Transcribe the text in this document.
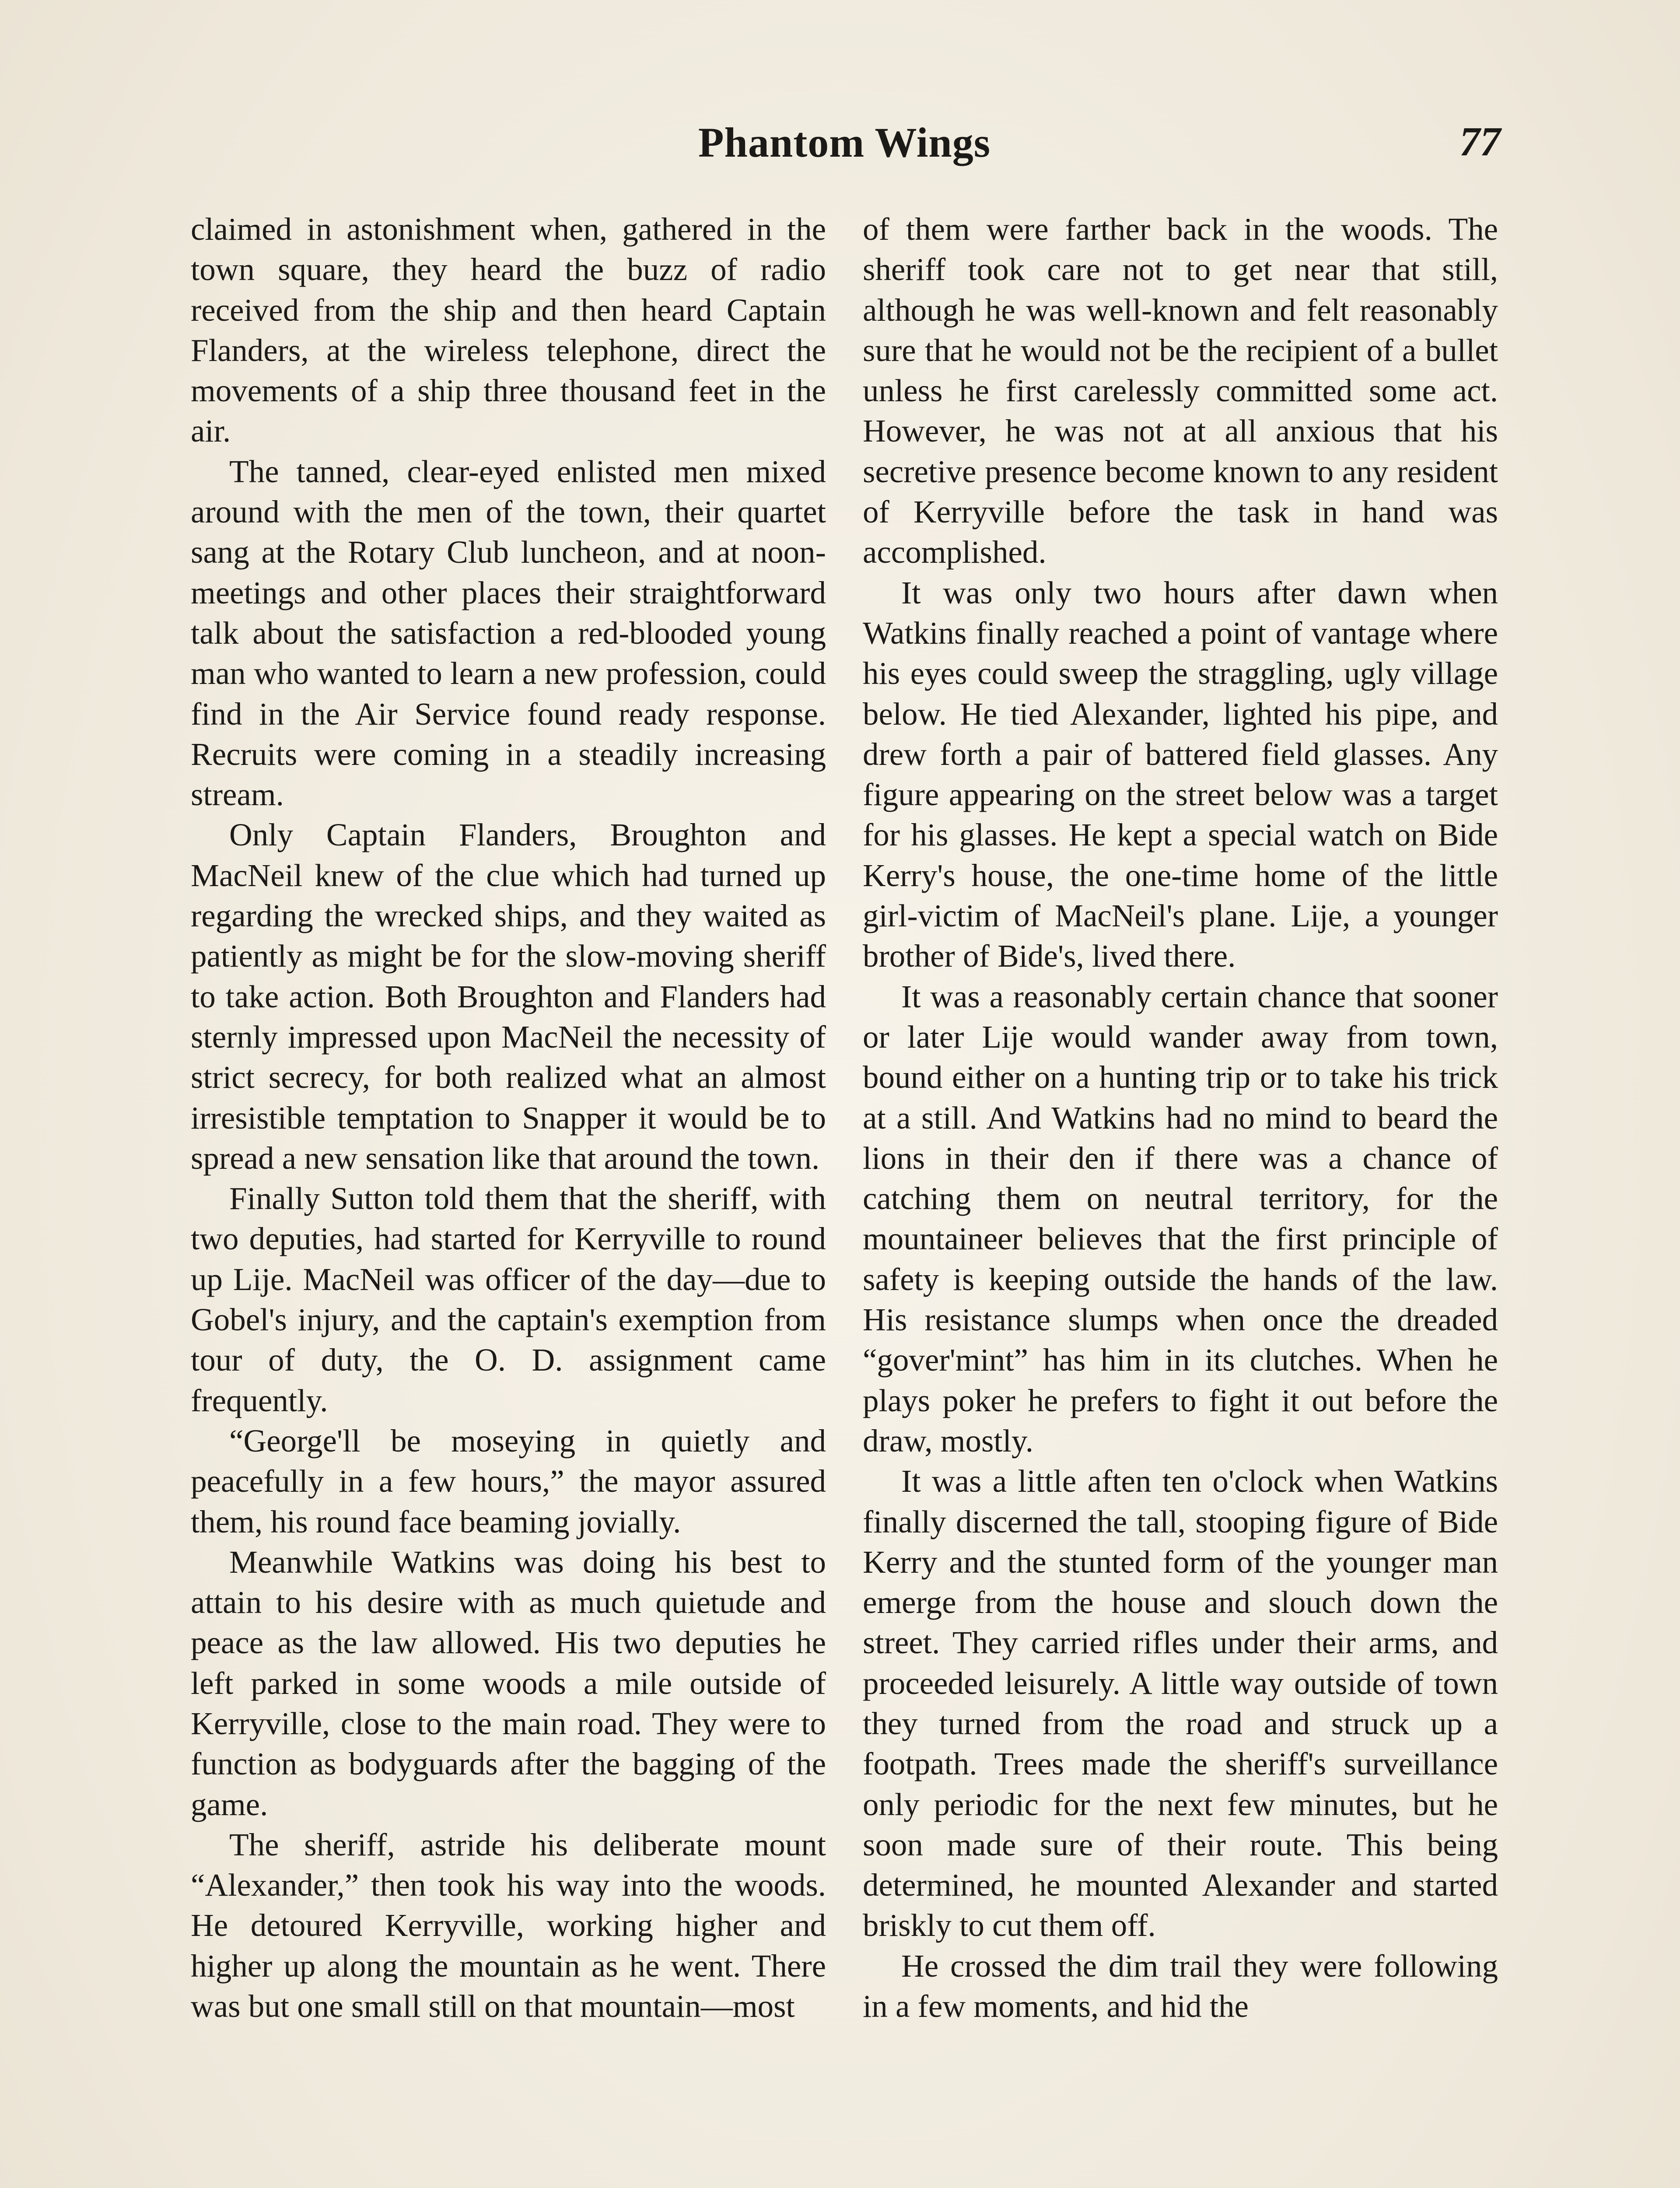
Phantom Wings	77

claimed in astonishment when, gathered in the town square, they heard the buzz of radio received from the ship and then heard Captain Flanders, at the wireless telephone, direct the movements of a ship three thousand feet in the air.

The tanned, clear-eyed enlisted men mixed around with the men of the town, their quartet sang at the Rotary Club luncheon, and at noon-meetings and other places their straightforward talk about the satisfaction a red-blooded young man who wanted to learn a new profession, could find in the Air Service found ready response. Recruits were coming in a steadily increasing stream.

Only Captain Flanders, Broughton and MacNeil knew of the clue which had turned up regarding the wrecked ships, and they waited as patiently as might be for the slow-moving sheriff to take action. Both Broughton and Flanders had sternly impressed upon MacNeil the necessity of strict secrecy, for both realized what an almost irresistible temptation to Snapper it would be to spread a new sensation like that around the town.

Finally Sutton told them that the sheriff, with two deputies, had started for Kerryville to round up Lije. MacNeil was officer of the day—due to Gobel's injury, and the captain's exemption from tour of duty, the O. D. assignment came frequently.

“George'll be moseying in quietly and peacefully in a few hours,” the mayor assured them, his round face beaming jovially.

Meanwhile Watkins was doing his best to attain to his desire with as much quietude and peace as the law allowed. His two deputies he left parked in some woods a mile outside of Kerryville, close to the main road. They were to function as bodyguards after the bagging of the game.

The sheriff, astride his deliberate mount “Alexander,” then took his way into the woods. He detoured Kerryville, working higher and higher up along the mountain as he went. There was but one small still on that mountain—most

of them were farther back in the woods. The sheriff took care not to get near that still, although he was well-known and felt reasonably sure that he would not be the recipient of a bullet unless he first carelessly committed some act. However, he was not at all anxious that his secretive presence become known to any resident of Kerryville before the task in hand was accomplished.

It was only two hours after dawn when Watkins finally reached a point of vantage where his eyes could sweep the straggling, ugly village below. He tied Alexander, lighted his pipe, and drew forth a pair of battered field glasses. Any figure appearing on the street below was a target for his glasses. He kept a special watch on Bide Kerry's house, the one-time home of the little girl-victim of MacNeil's plane. Lije, a younger brother of Bide's, lived there.

It was a reasonably certain chance that sooner or later Lije would wander away from town, bound either on a hunting trip or to take his trick at a still. And Watkins had no mind to beard the lions in their den if there was a chance of catching them on neutral territory, for the mountaineer believes that the first principle of safety is keeping outside the hands of the law. His resistance slumps when once the dreaded “gover'mint” has him in its clutches. When he plays poker he prefers to fight it out before the draw, mostly.

It was a little aften ten o'clock when Watkins finally discerned the tall, stooping figure of Bide Kerry and the stunted form of the younger man emerge from the house and slouch down the street. They carried rifles under their arms, and proceeded leisurely. A little way outside of town they turned from the road and struck up a footpath. Trees made the sheriff's surveillance only periodic for the next few minutes, but he soon made sure of their route. This being determined, he mounted Alexander and started briskly to cut them off.

He crossed the dim trail they were following in a few moments, and hid the
